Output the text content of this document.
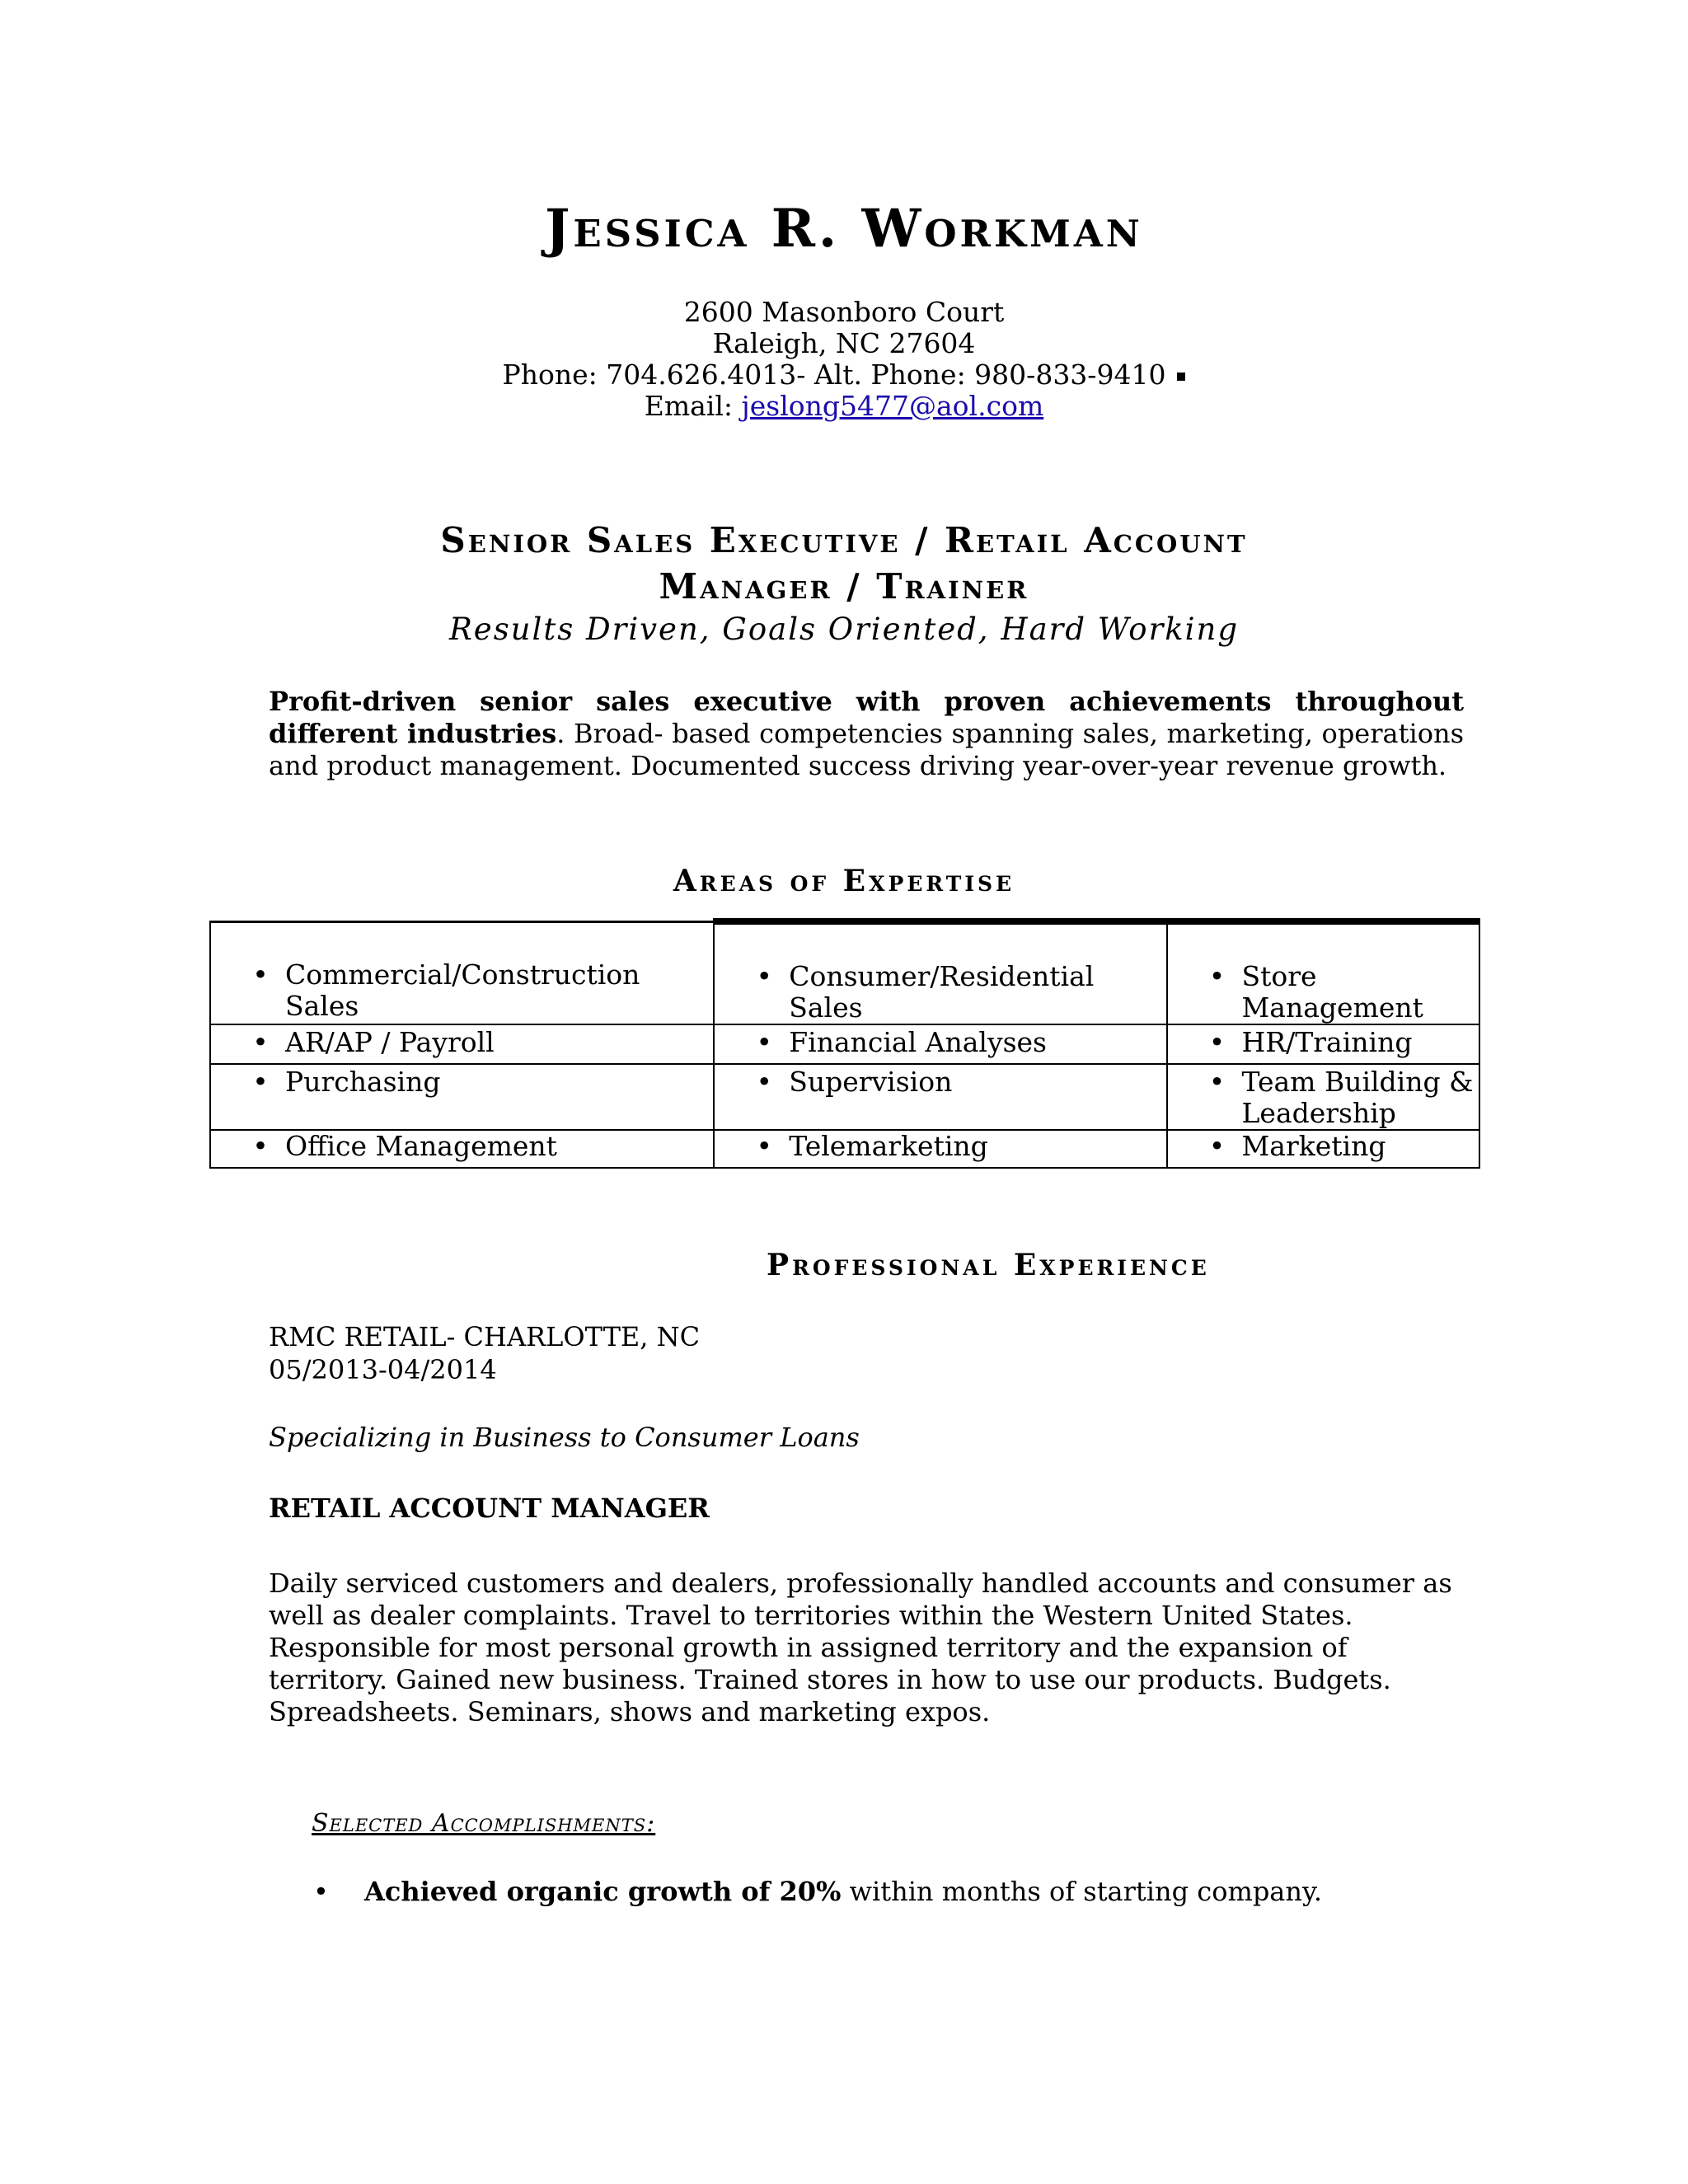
Jessica R. Workman
2600 Masonboro Court
Raleigh, NC 27604
Phone: 704.626.4013- Alt. Phone: 980-833-9410
Email: jeslong5477@aol.com
Senior Sales Executive / Retail Account
Manager / Trainer
Results Driven, Goals Oriented, Hard Working
Profit-driven senior sales executive with proven achievements throughout different industries. Broad- based competencies spanning sales, marketing, operations and product management. Documented success driving year-over-year revenue growth.
Areas of Expertise
• Commercial/Construction Sales	• Consumer/Residential Sales	• Store Management

• AR/AP / Payroll	• Financial Analyses	• HR/Training

• Purchasing	• Supervision	• Team Building & Leadership

• Office Management	• Telemarketing	• Marketing
Professional Experience
RMC RETAIL- CHARLOTTE, NC
05/2013-04/2014
Specializing in Business to Consumer Loans
RETAIL ACCOUNT MANAGER
Daily serviced customers and dealers, professionally handled accounts and consumer as well as dealer complaints. Travel to territories within the Western United States. Responsible for most personal growth in assigned territory and the expansion of territory. Gained new business. Trained stores in how to use our products. Budgets. Spreadsheets. Seminars, shows and marketing expos.
Selected Accomplishments:
•	Achieved organic growth of 20% within months of starting company.
